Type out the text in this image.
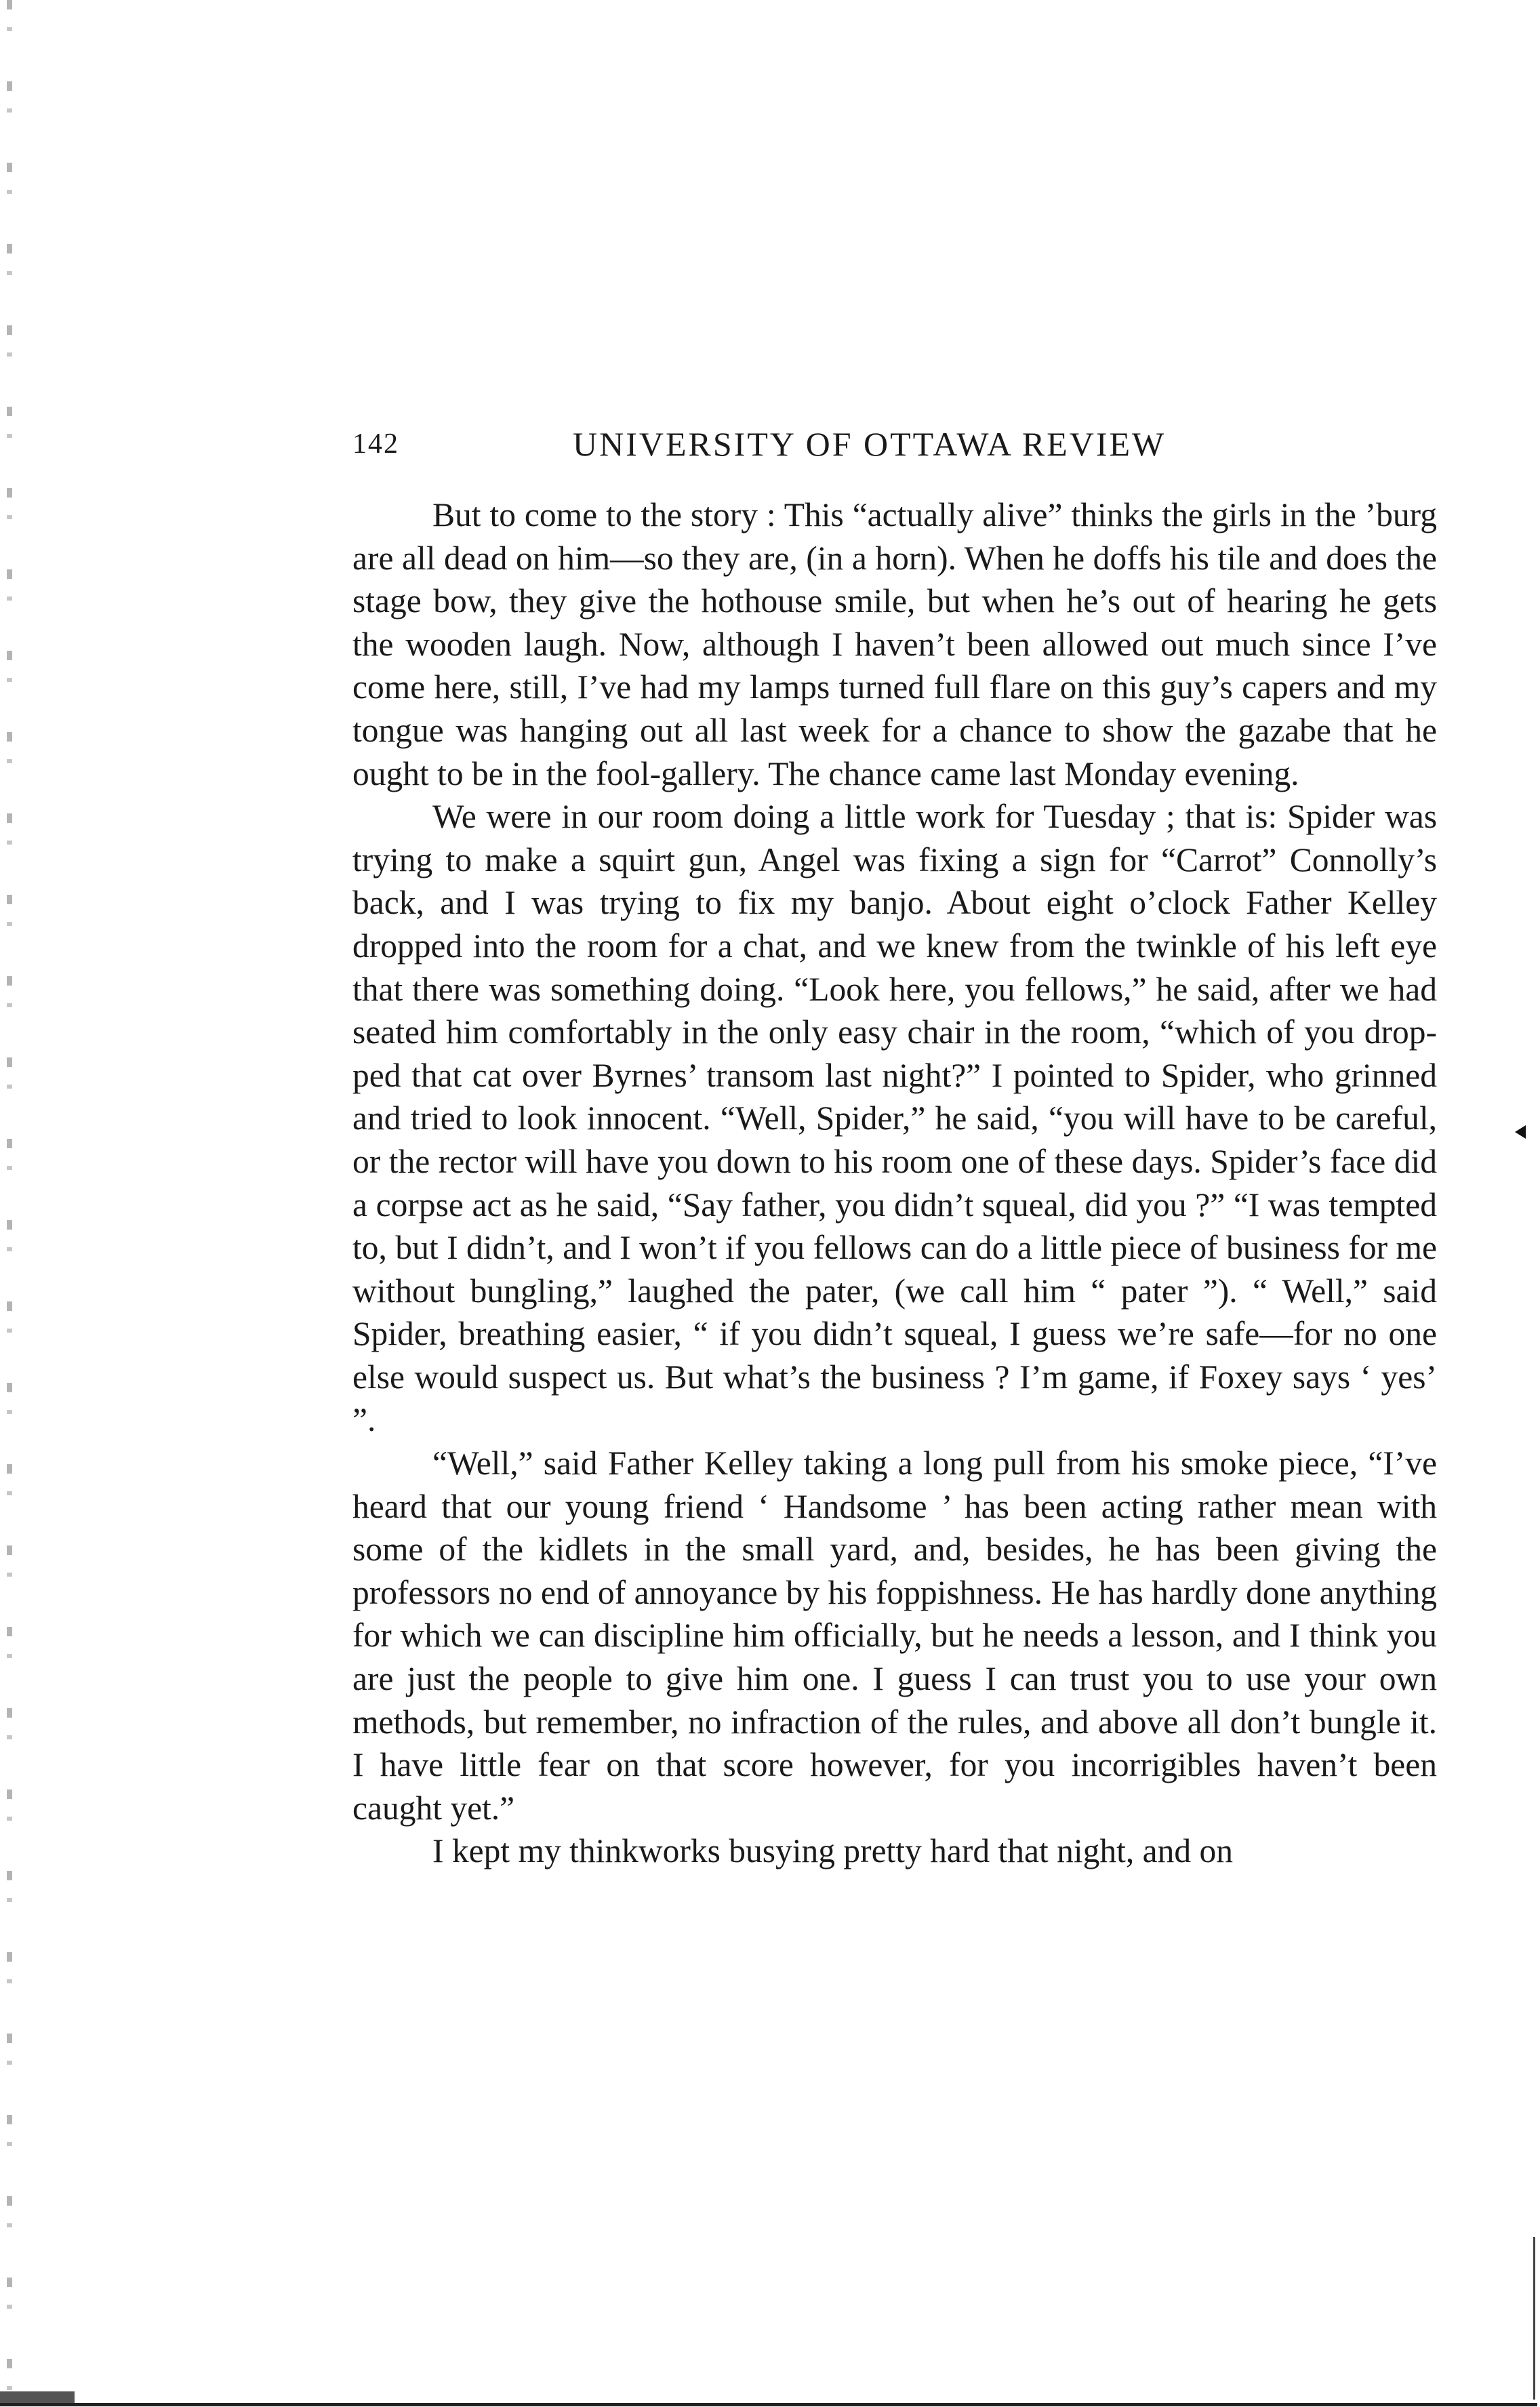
142	UNIVERSITY OF OTTAWA REVIEW

But to come to the story : This “actually alive” thinks the girls in the ’burg are all dead on him—so they are, (in a horn). When he doffs his tile and does the stage bow, they give the hothouse smile, but when he’s out of hearing he gets the wooden laugh. Now, although I haven’t been allowed out much since I’ve come here, still, I’ve had my lamps turned full flare on this guy’s capers and my tongue was hanging out all last week for a chance to show the gazabe that he ought to be in the fool-gallery. The chance came last Monday evening.

We were in our room doing a little work for Tuesday ; that is: Spider was trying to make a squirt gun, Angel was fixing a sign for “Carrot” Connolly’s back, and I was trying to fix my banjo. About eight o’clock Father Kelley dropped into the room for a chat, and we knew from the twinkle of his left eye that there was something doing. “Look here, you fellows,” he said, after we had seated him comfortably in the only easy chair in the room, “which of you dropped that cat over Byrnes’ transom last night?” I pointed to Spider, who grinned and tried to look innocent. “Well, Spider,” he said, “you will have to be careful, or the rector will have you down to his room one of these days. Spider’s face did a corpse act as he said, “Say father, you didn’t squeal, did you ?” “I was tempted to, but I didn’t, and I won’t if you fellows can do a little piece of business for me without bungling,” laughed the pater, (we call him “ pater ”). “ Well,” said Spider, breathing easier, “ if you didn’t squeal, I guess we’re safe—for no one else would suspect us. But what’s the business ? I’m game, if Foxey says ‘ yes’ ”.

“Well,” said Father Kelley taking a long pull from his smoke piece, “I’ve heard that our young friend ‘ Handsome ’ has been acting rather mean with some of the kidlets in the small yard, and, besides, he has been giving the professors no end of annoyance by his foppishness. He has hardly done anything for which we can discipline him officially, but he needs a lesson, and I think you are just the people to give him one. I guess I can trust you to use your own methods, but remember, no infraction of the rules, and above all don’t bungle it. I have little fear on that score however, for you incorrigibles haven’t been caught yet.”

I kept my thinkworks busying pretty hard that night, and on
